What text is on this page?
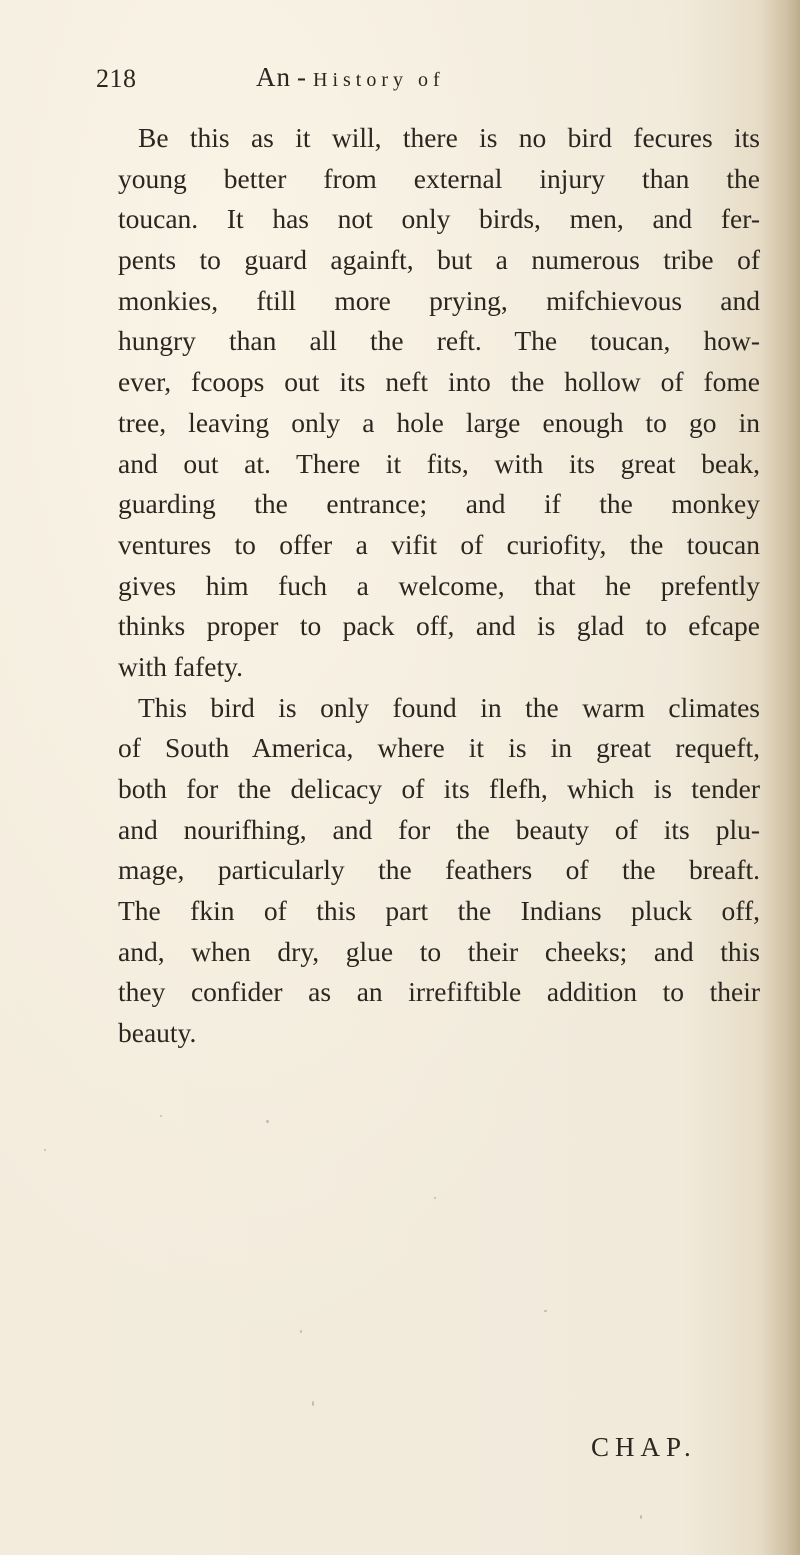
218	An - History of
Be this as it will, there is no bird fecures its
young better from external injury than the
toucan. It has not only birds, men, and fer-
pents to guard againft, but a numerous tribe of
monkies, ftill more prying, mifchievous and
hungry than all the reft. The toucan, how-
ever, fcoops out its neft into the hollow of fome
tree, leaving only a hole large enough to go in
and out at. There it fits, with its great beak,
guarding the entrance; and if the monkey
ventures to offer a vifit of curiofity, the toucan
gives him fuch a welcome, that he prefently
thinks proper to pack off, and is glad to efcape
with fafety.
This bird is only found in the warm climates
of South America, where it is in great requeft,
both for the delicacy of its flefh, which is tender
and nourifhing, and for the beauty of its plu-
mage, particularly the feathers of the breaft.
The fkin of this part the Indians pluck off,
and, when dry, glue to their cheeks; and this
they confider as an irrefiftible addition to their
beauty.
CHAP.
